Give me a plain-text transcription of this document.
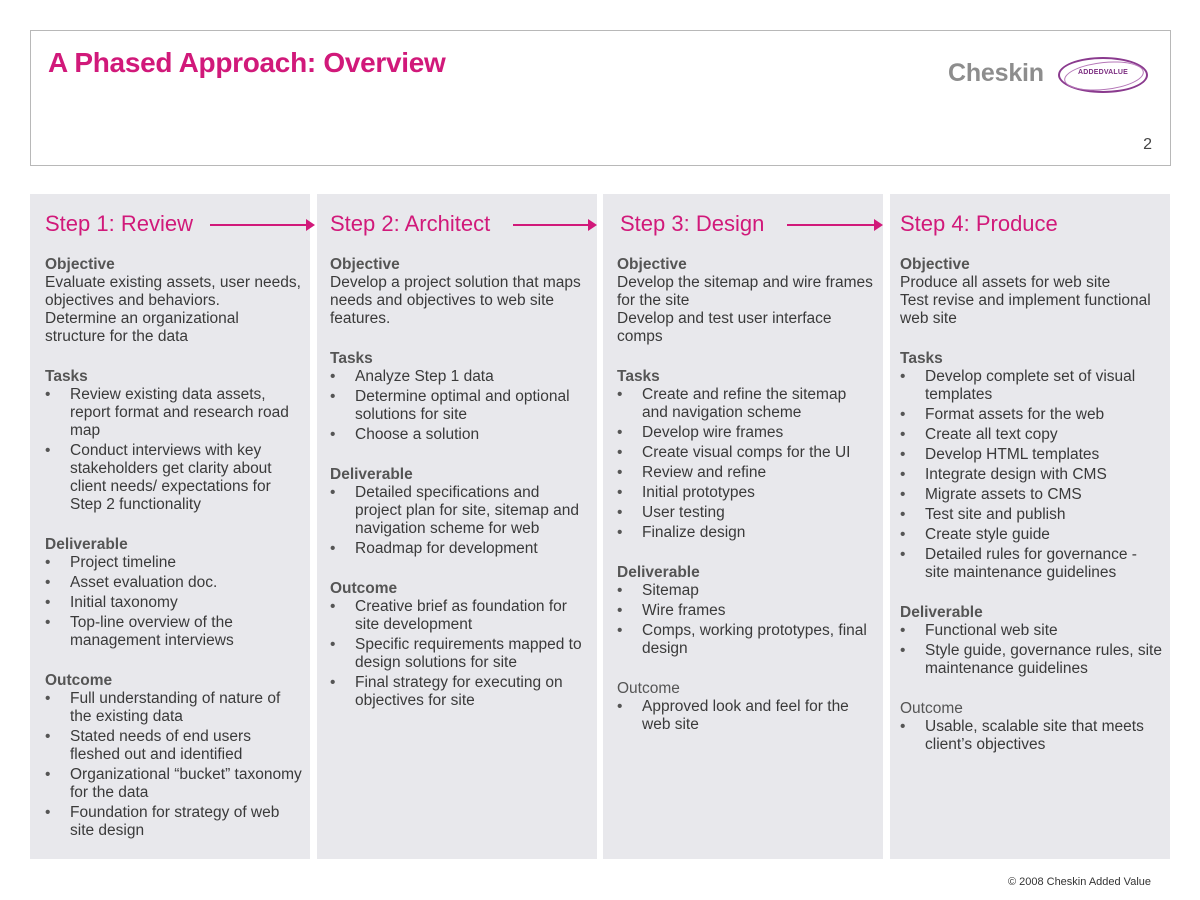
A Phased Approach: Overview	Cheskin	ADDEDVALUE
2
Step 1: Review
Objective
Evaluate existing assets, user needs, objectives and behaviors.
Determine an organizational structure for the data
Tasks
• Review existing data assets, report format and research road map
• Conduct interviews with key stakeholders get clarity about client needs/ expectations for Step 2 functionality
Deliverable
• Project timeline
• Asset evaluation doc.
• Initial taxonomy
• Top-line overview of the management interviews
Outcome
• Full understanding of nature of the existing data
• Stated needs of end users fleshed out and identified
• Organizational “bucket” taxonomy for the data
• Foundation for strategy of web site design
Step 2: Architect
Objective
Develop a project solution that maps needs and objectives to web site features.
Tasks
• Analyze Step 1 data
• Determine optimal and optional solutions for site
• Choose a solution
Deliverable
• Detailed specifications and project plan for site, sitemap and navigation scheme for web
• Roadmap for development
Outcome
• Creative brief as foundation for site development
• Specific requirements mapped to design solutions for site
• Final strategy for executing on objectives for site
Step 3: Design
Objective
Develop the sitemap and wire frames for the site
Develop and test user interface comps
Tasks
• Create and refine the sitemap and navigation scheme
• Develop wire frames
• Create visual comps for the UI
• Review and refine
• Initial prototypes
• User testing
• Finalize design
Deliverable
• Sitemap
• Wire frames
• Comps, working prototypes, final design
Outcome
• Approved look and feel for the web site
Step 4: Produce
Objective
Produce all assets for web site
Test revise and implement functional web site
Tasks
• Develop complete set of visual templates
• Format assets for the web
• Create all text copy
• Develop HTML templates
• Integrate design with CMS
• Migrate assets to CMS
• Test site and publish
• Create style guide
• Detailed rules for governance - site maintenance guidelines
Deliverable
• Functional web site
• Style guide, governance rules, site maintenance guidelines
Outcome
• Usable, scalable site that meets client’s objectives
© 2008 Cheskin Added Value
